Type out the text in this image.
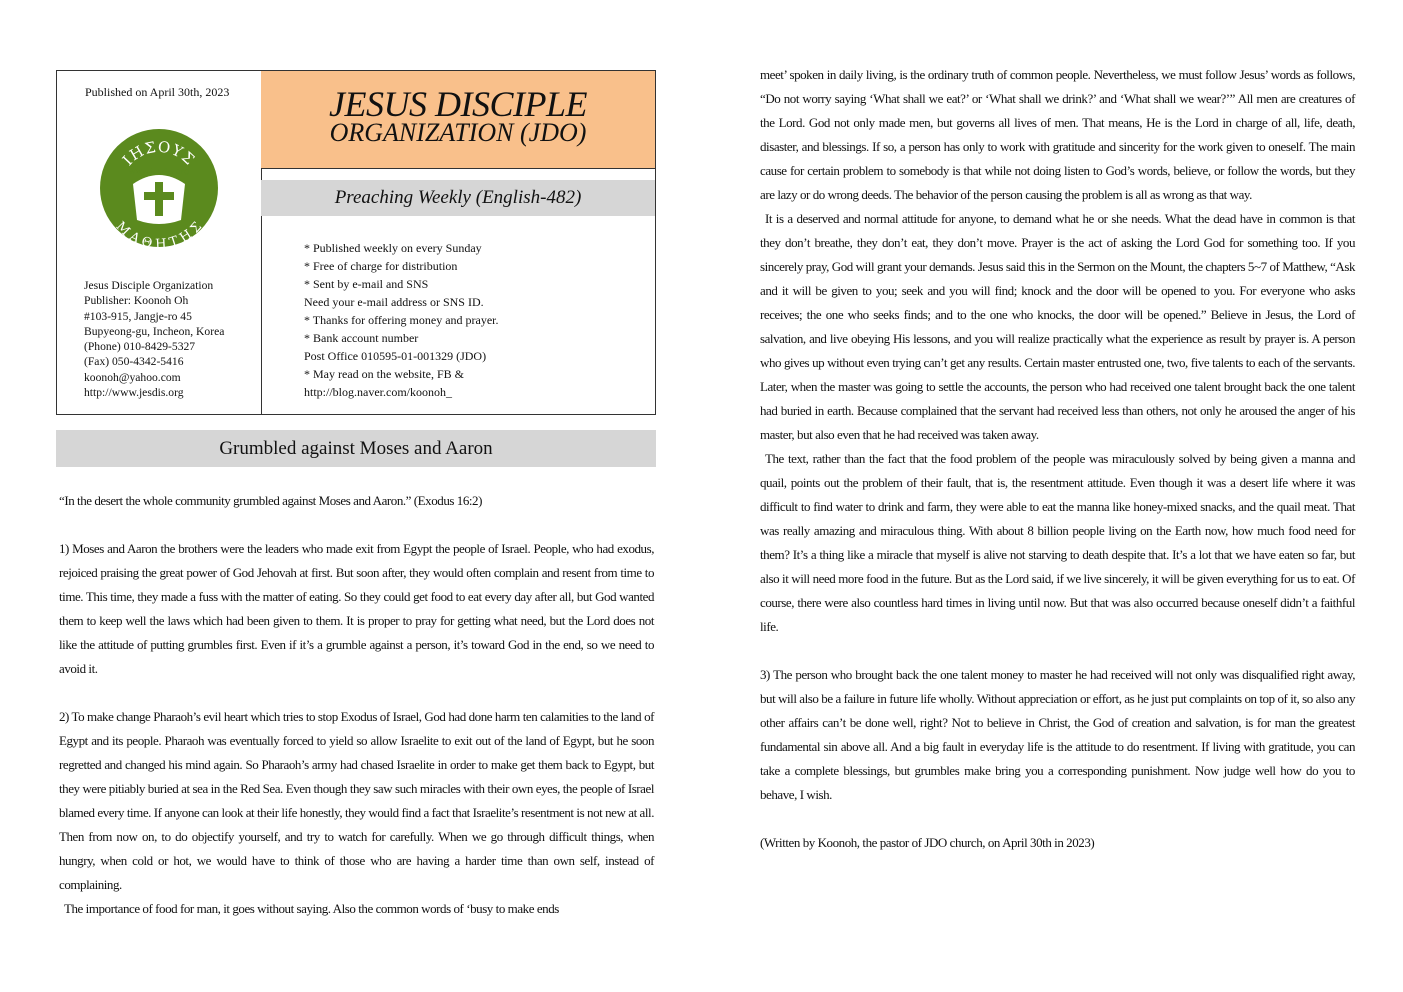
Published on April 30th, 2023
ΙΗΣΟΥΣ
ΜΑΘΗΤΗΣ
www.jesdis.org
Jesus Disciple Organization
Publisher: Koonoh Oh
#103-915, Jangje-ro 45
Bupyeong-gu, Incheon, Korea
(Phone) 010-8429-5327
(Fax) 050-4342-5416
koonoh@yahoo.com
http://www.jesdis.org
JESUS DISCIPLE
ORGANIZATION (JDO)
Preaching Weekly (English-482)
* Published weekly on every Sunday
* Free of charge for distribution
* Sent by e-mail and SNS
Need your e-mail address or SNS ID.
* Thanks for offering money and prayer.
* Bank account number
Post Office 010595-01-001329 (JDO)
* May read on the website, FB &
http://blog.naver.com/koonoh_
Grumbled against Moses and Aaron

“In the desert the whole community grumbled against Moses and Aaron.” (Exodus 16:2)

1) Moses and Aaron the brothers were the leaders who made exit from Egypt the people of Israel. People, who had exodus, rejoiced praising the great power of God Jehovah at first. But soon after, they would often complain and resent from time to time. This time, they made a fuss with the matter of eating. So they could get food to eat every day after all, but God wanted them to keep well the laws which had been given to them. It is proper to pray for getting what need, but the Lord does not like the attitude of putting grumbles first. Even if it’s a grumble against a person, it’s toward God in the end, so we need to avoid it.

2) To make change Pharaoh’s evil heart which tries to stop Exodus of Israel, God had done harm ten calamities to the land of Egypt and its people. Pharaoh was eventually forced to yield so allow Israelite to exit out of the land of Egypt, but he soon regretted and changed his mind again. So Pharaoh’s army had chased Israelite in order to make get them back to Egypt, but they were pitiably buried at sea in the Red Sea. Even though they saw such miracles with their own eyes, the people of Israel blamed every time. If anyone can look at their life honestly, they would find a fact that Israelite’s resentment is not new at all. Then from now on, to do objectify yourself, and try to watch for carefully. When we go through difficult things, when hungry, when cold or hot, we would have to think of those who are having a harder time than own self, instead of complaining.

The importance of food for man, it goes without saying. Also the common words of ‘busy to make ends

meet’ spoken in daily living, is the ordinary truth of common people. Nevertheless, we must follow Jesus’ words as follows, “Do not worry saying ‘What shall we eat?’ or ‘What shall we drink?’ and ‘What shall we wear?’” All men are creatures of the Lord. God not only made men, but governs all lives of men. That means, He is the Lord in charge of all, life, death, disaster, and blessings. If so, a person has only to work with gratitude and sincerity for the work given to oneself. The main cause for certain problem to somebody is that while not doing listen to God’s words, believe, or follow the words, but they are lazy or do wrong deeds. The behavior of the person causing the problem is all as wrong as that way.

It is a deserved and normal attitude for anyone, to demand what he or she needs. What the dead have in common is that they don’t breathe, they don’t eat, they don’t move. Prayer is the act of asking the Lord God for something too. If you sincerely pray, God will grant your demands. Jesus said this in the Sermon on the Mount, the chapters 5~7 of Matthew, “Ask and it will be given to you; seek and you will find; knock and the door will be opened to you. For everyone who asks receives; the one who seeks finds; and to the one who knocks, the door will be opened.” Believe in Jesus, the Lord of salvation, and live obeying His lessons, and you will realize practically what the experience as result by prayer is. A person who gives up without even trying can’t get any results. Certain master entrusted one, two, five talents to each of the servants. Later, when the master was going to settle the accounts, the person who had received one talent brought back the one talent had buried in earth. Because complained that the servant had received less than others, not only he aroused the anger of his master, but also even that he had received was taken away.

The text, rather than the fact that the food problem of the people was miraculously solved by being given a manna and quail, points out the problem of their fault, that is, the resentment attitude. Even though it was a desert life where it was difficult to find water to drink and farm, they were able to eat the manna like honey-mixed snacks, and the quail meat. That was really amazing and miraculous thing. With about 8 billion people living on the Earth now, how much food need for them? It’s a thing like a miracle that myself is alive not starving to death despite that. It’s a lot that we have eaten so far, but also it will need more food in the future. But as the Lord said, if we live sincerely, it will be given everything for us to eat. Of course, there were also countless hard times in living until now. But that was also occurred because oneself didn’t a faithful life.

3) The person who brought back the one talent money to master he had received will not only was disqualified right away, but will also be a failure in future life wholly. Without appreciation or effort, as he just put complaints on top of it, so also any other affairs can’t be done well, right? Not to believe in Christ, the God of creation and salvation, is for man the greatest fundamental sin above all. And a big fault in everyday life is the attitude to do resentment. If living with gratitude, you can take a complete blessings, but grumbles make bring you a corresponding punishment. Now judge well how do you to behave, I wish.

(Written by Koonoh, the pastor of JDO church, on April 30th in 2023)
